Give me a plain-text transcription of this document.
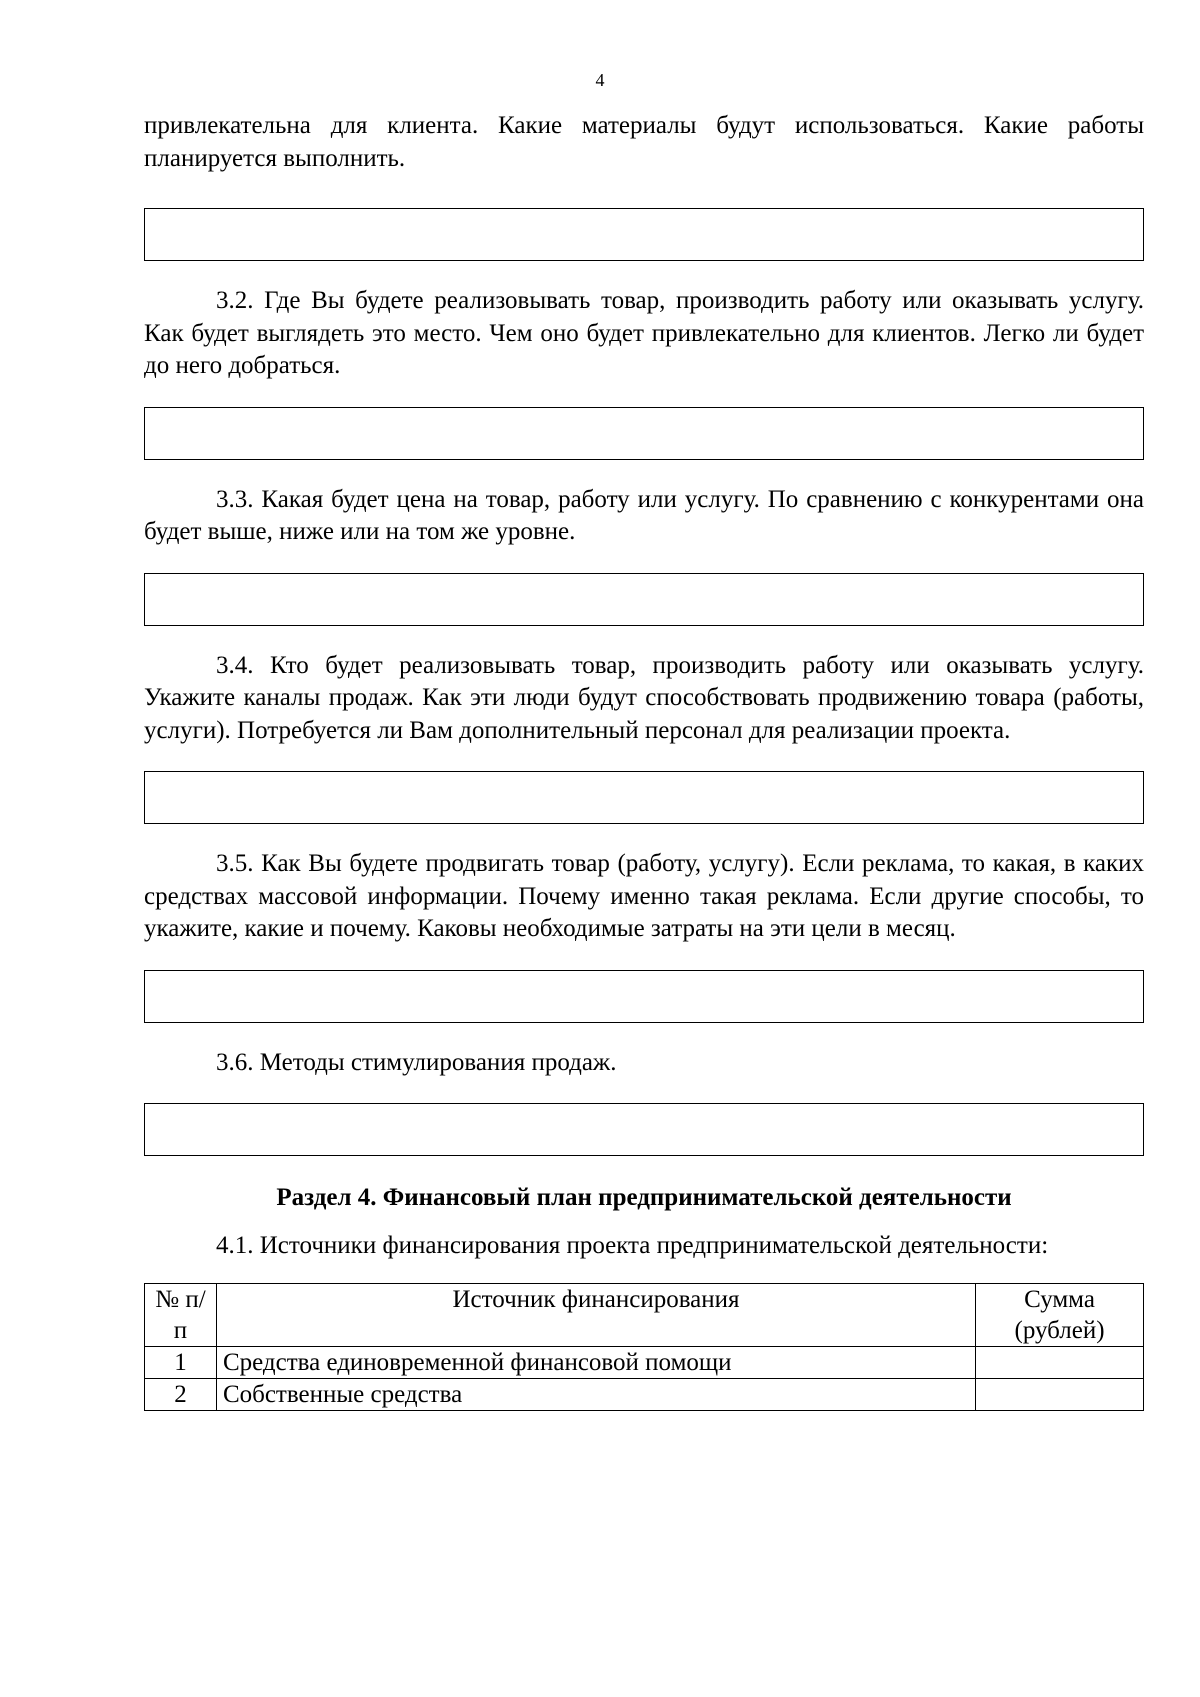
4

привлекательна для клиента. Какие материалы будут использоваться. Какие работы планируется выполнить.

3.2. Где Вы будете реализовывать товар, производить работу или оказывать услугу. Как будет выглядеть это место. Чем оно будет привлекательно для клиентов. Легко ли будет до него добраться.

3.3. Какая будет цена на товар, работу или услугу. По сравнению с конкурентами она будет выше, ниже или на том же уровне.

3.4. Кто будет реализовывать товар, производить работу или оказывать услугу. Укажите каналы продаж. Как эти люди будут способствовать продвижению товара (работы, услуги). Потребуется ли Вам дополнительный персонал для реализации проекта.

3.5. Как Вы будете продвигать товар (работу, услугу). Если реклама, то какая, в каких средствах массовой информации. Почему именно такая реклама. Если другие способы, то укажите, какие и почему. Каковы необходимые затраты на эти цели в месяц.

3.6. Методы стимулирования продаж.

Раздел 4. Финансовый план предпринимательской деятельности

4.1. Источники финансирования проекта предпринимательской деятельности:

№ п/п	Источник финансирования	Сумма (рублей)
1	Средства единовременной финансовой помощи	
2	Собственные средства	
